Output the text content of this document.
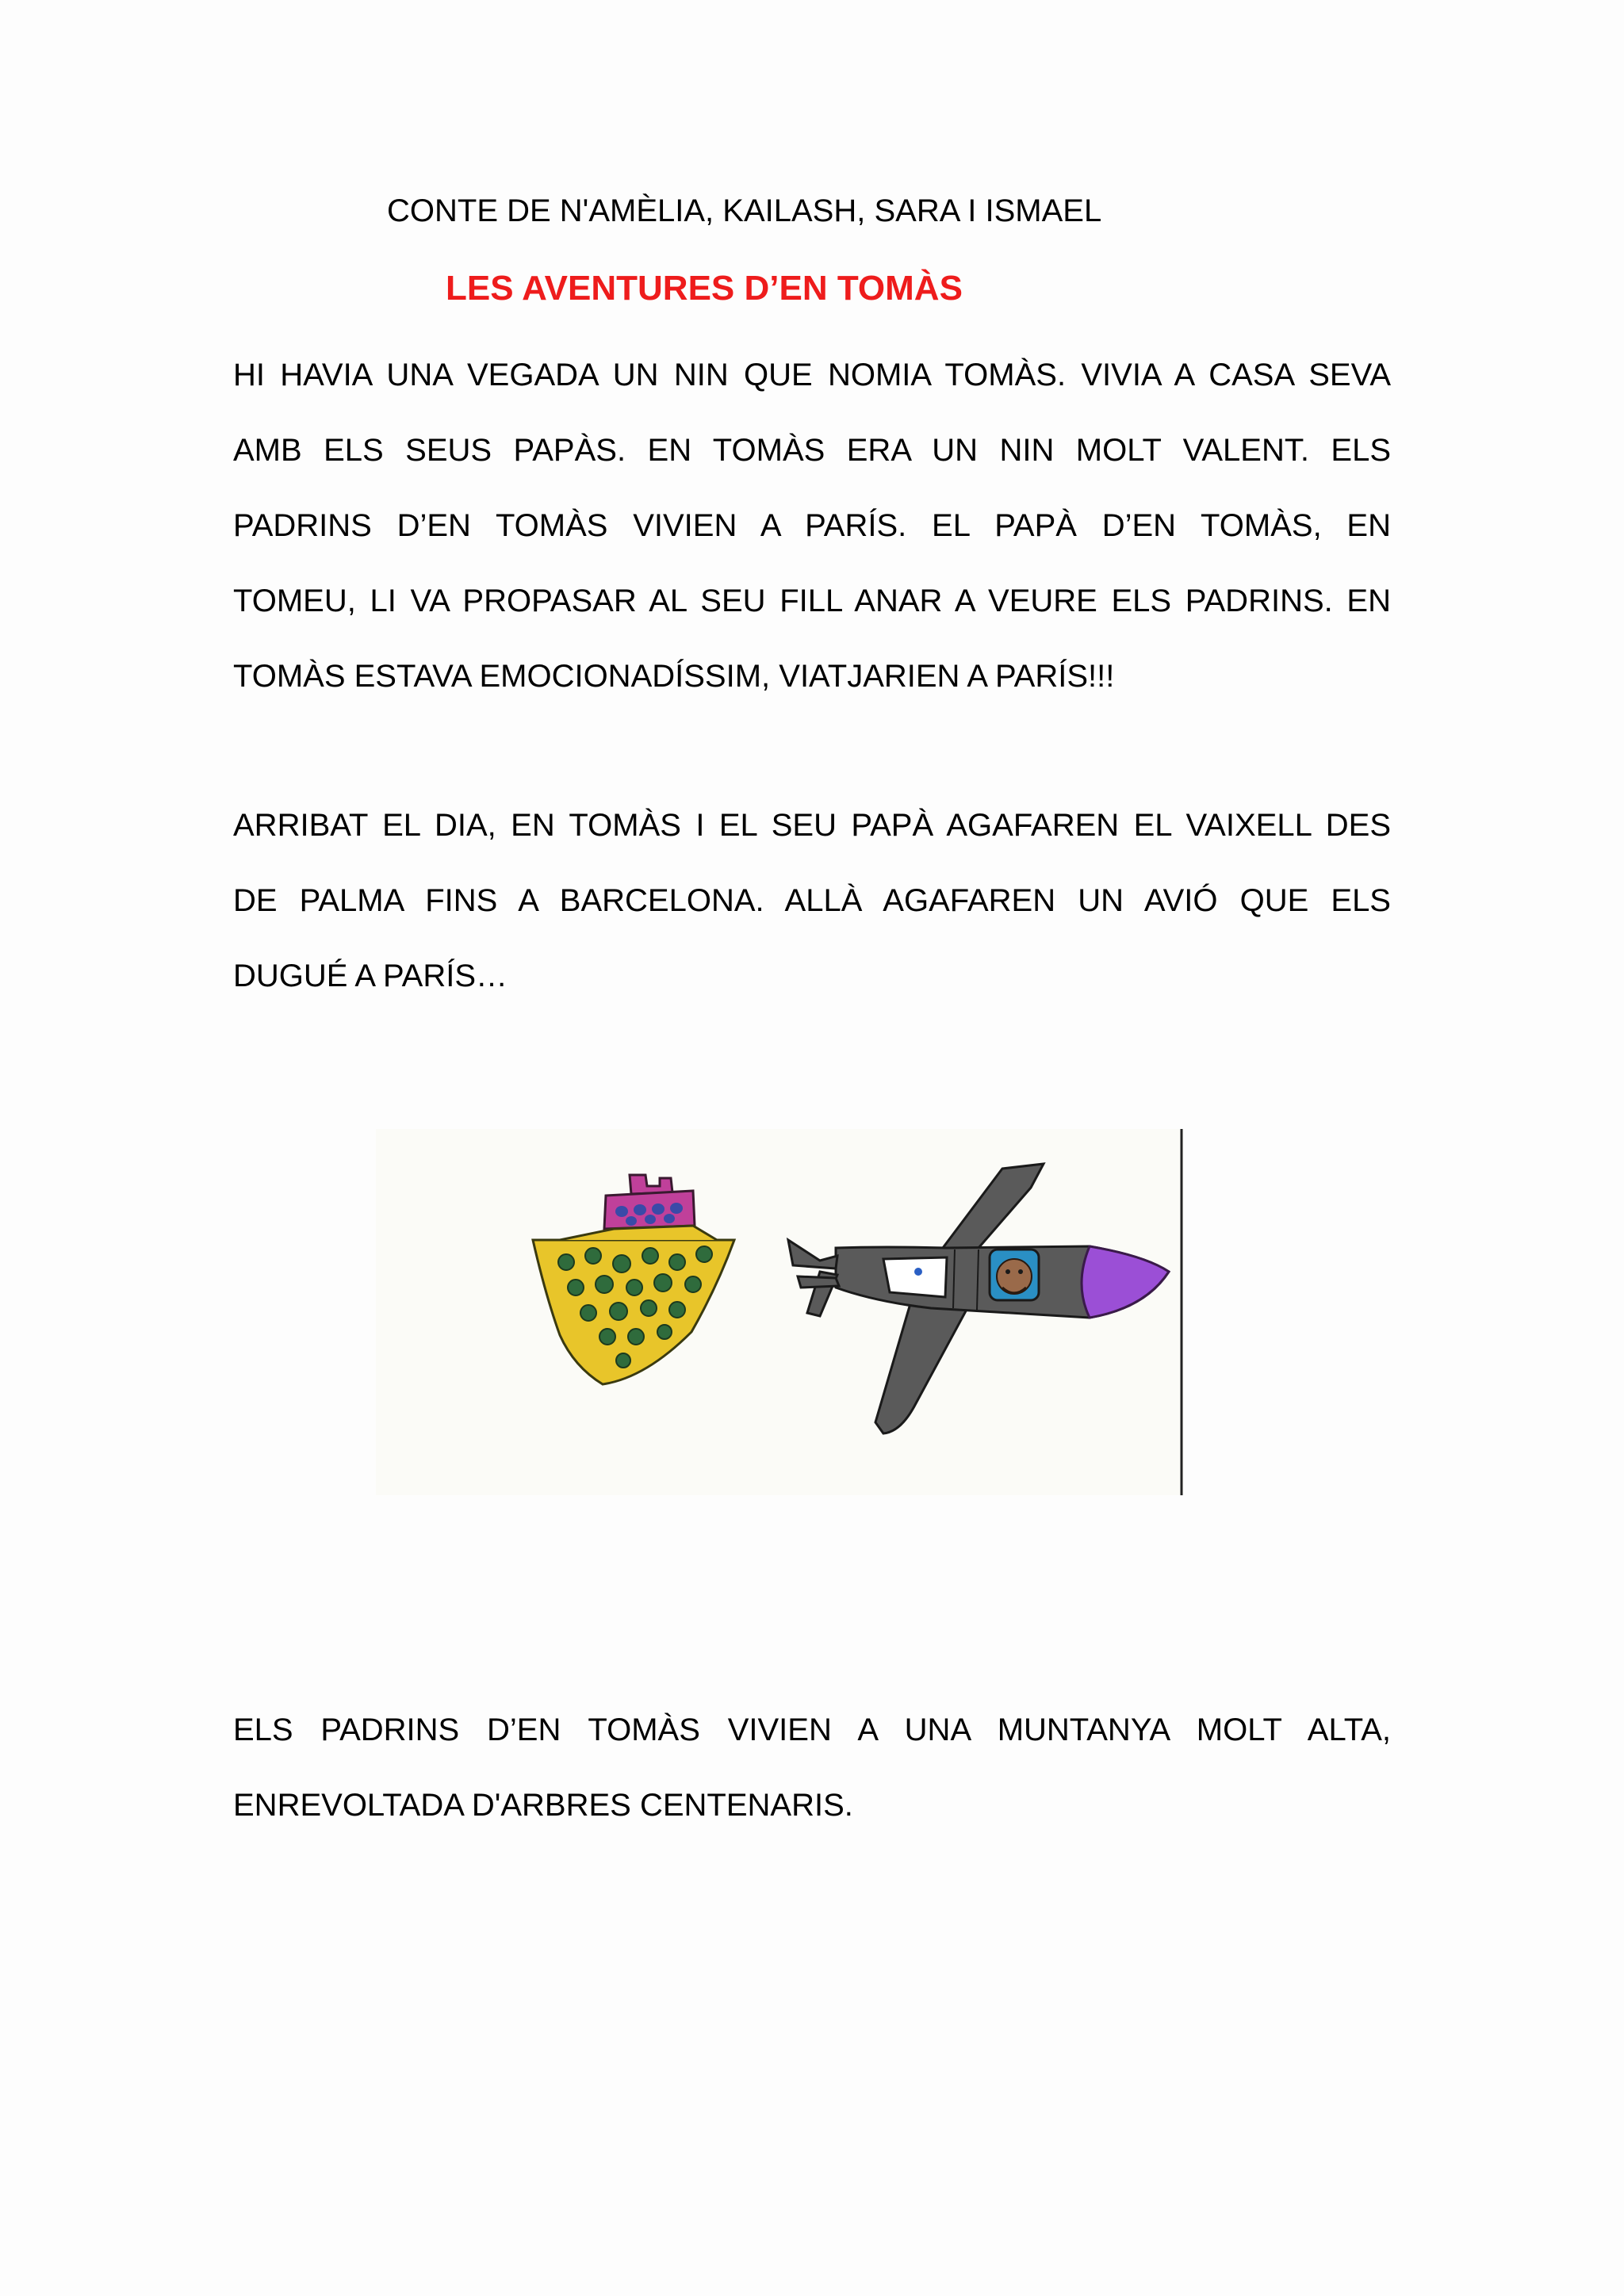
CONTE DE N'AMÈLIA, KAILASH, SARA I ISMAEL
LES AVENTURES D’EN TOMÀS
HI HAVIA UNA VEGADA UN NIN QUE NOMIA TOMÀS. VIVIA A CASA SEVA
AMB ELS SEUS PAPÀS. EN TOMÀS ERA UN NIN MOLT VALENT. ELS
PADRINS D’EN TOMÀS VIVIEN A PARÍS. EL PAPÀ D’EN TOMÀS, EN
TOMEU, LI VA PROPASAR AL SEU FILL ANAR A VEURE ELS PADRINS. EN
TOMÀS ESTAVA EMOCIONADÍSSIM, VIATJARIEN A PARÍS!!!
ARRIBAT EL DIA, EN TOMÀS I EL SEU PAPÀ AGAFAREN EL VAIXELL DES
DE PALMA FINS A BARCELONA. ALLÀ AGAFAREN UN AVIÓ QUE ELS
DUGUÉ A PARÍS…
ELS PADRINS D’EN TOMÀS VIVIEN A UNA MUNTANYA MOLT ALTA,
ENREVOLTADA D'ARBRES CENTENARIS.
